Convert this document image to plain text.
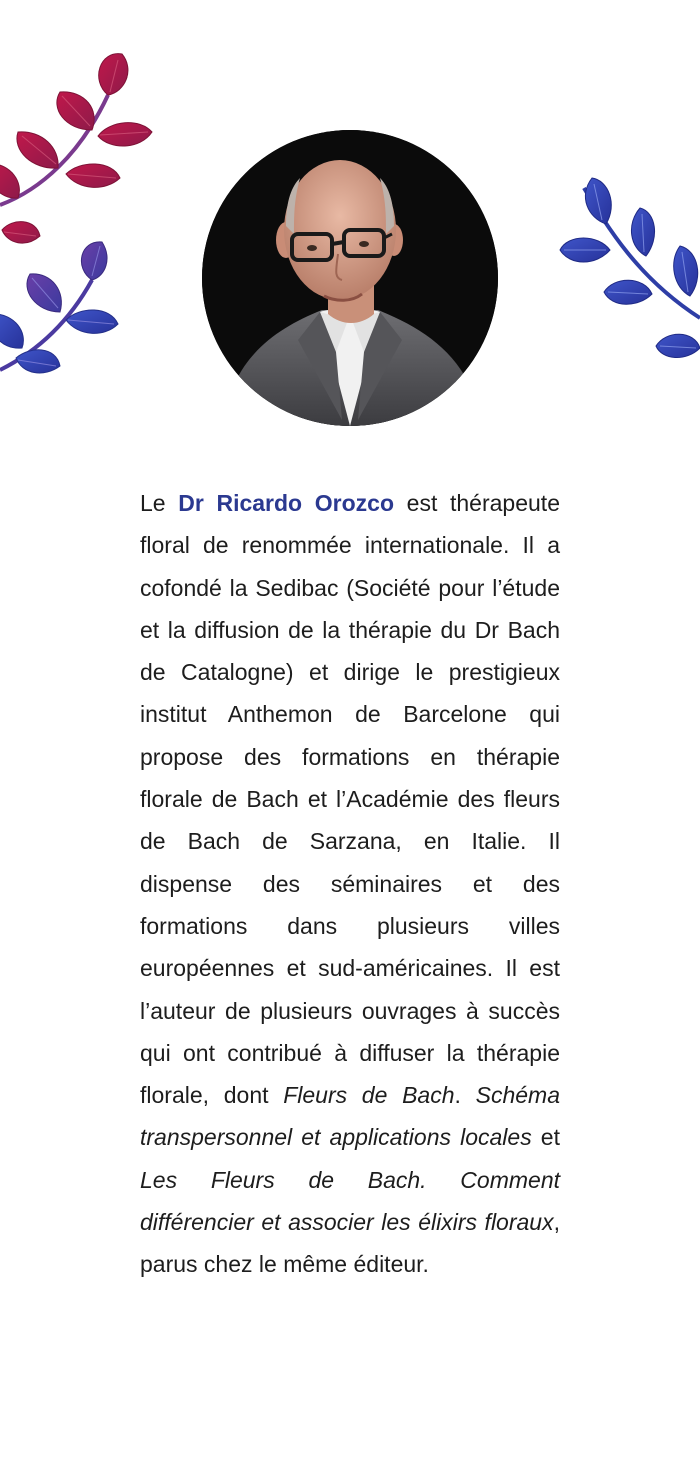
Le Dr Ricardo Orozco est thérapeute floral de renommée internationale. Il a cofondé la Sedibac (Société pour l’étude et la diffusion de la thérapie du Dr Bach de Catalogne) et dirige le prestigieux institut Anthemon de Barcelone qui propose des formations en thérapie florale de Bach et l’Académie des fleurs de Bach de Sarzana, en Italie. Il dispense des séminaires et des formations dans plusieurs villes européennes et sud-américaines. Il est l’auteur de plusieurs ouvrages à succès qui ont contribué à diffuser la thérapie florale, dont Fleurs de Bach. Schéma transpersonnel et applications locales et Les Fleurs de Bach. Comment différencier et associer les élixirs floraux, parus chez le même éditeur.
